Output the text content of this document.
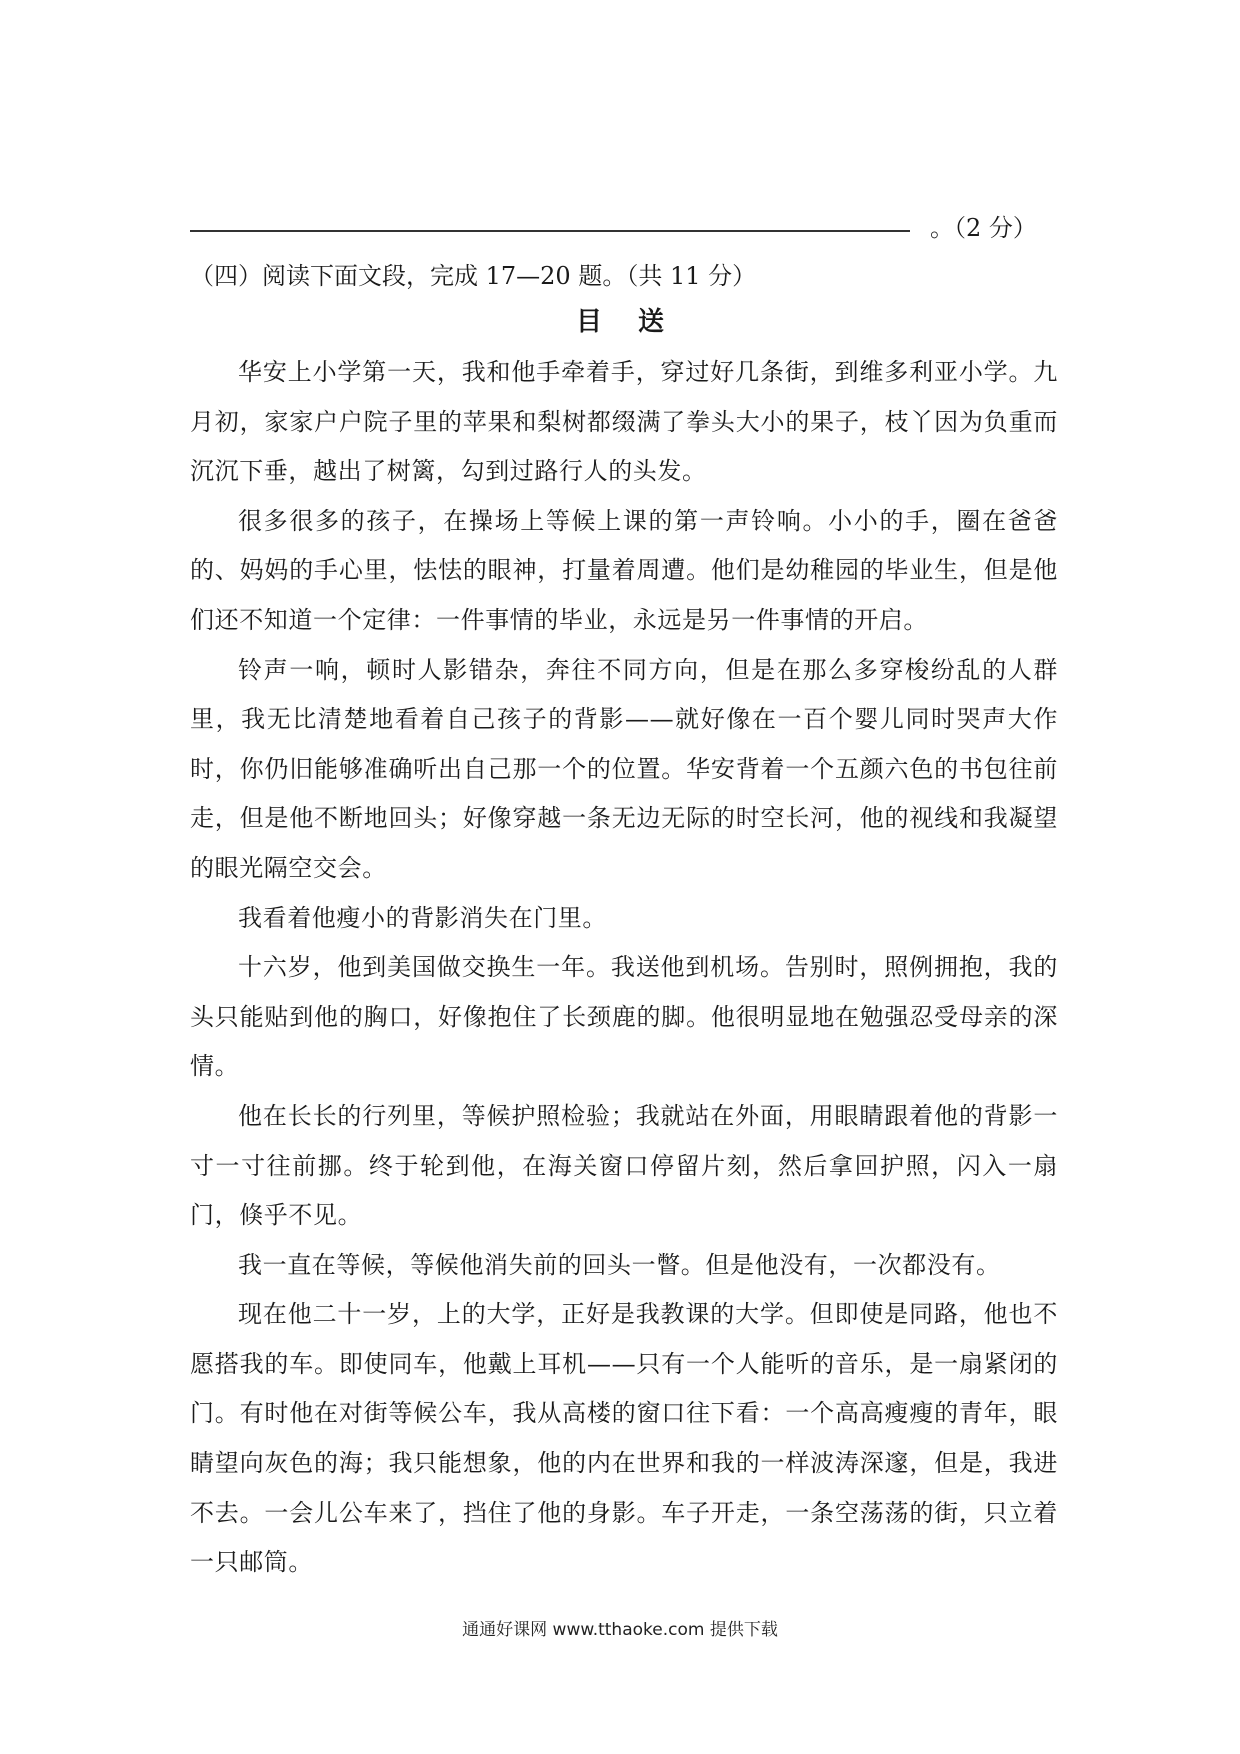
。（2 分）
（四）阅读下面文段，完成 17—20 题。（共 11 分）
目送

华安上小学第一天，我和他手牵着手，穿过好几条街，到维多利亚小学。九月初，家家户户院子里的苹果和梨树都缀满了拳头大小的果子，枝丫因为负重而沉沉下垂，越出了树篱，勾到过路行人的头发。

很多很多的孩子，在操场上等候上课的第一声铃响。小小的手，圈在爸爸的、妈妈的手心里，怯怯的眼神，打量着周遭。他们是幼稚园的毕业生，但是他们还不知道一个定律：一件事情的毕业，永远是另一件事情的开启。

铃声一响，顿时人影错杂，奔往不同方向，但是在那么多穿梭纷乱的人群里，我无比清楚地看着自己孩子的背影——就好像在一百个婴儿同时哭声大作时，你仍旧能够准确听出自己那一个的位置。华安背着一个五颜六色的书包往前走，但是他不断地回头；好像穿越一条无边无际的时空长河，他的视线和我凝望的眼光隔空交会。

我看着他瘦小的背影消失在门里。

十六岁，他到美国做交换生一年。我送他到机场。告别时，照例拥抱，我的头只能贴到他的胸口，好像抱住了长颈鹿的脚。他很明显地在勉强忍受母亲的深情。

他在长长的行列里，等候护照检验；我就站在外面，用眼睛跟着他的背影一寸一寸往前挪。终于轮到他，在海关窗口停留片刻，然后拿回护照，闪入一扇门，倏乎不见。

我一直在等候，等候他消失前的回头一瞥。但是他没有，一次都没有。

现在他二十一岁，上的大学，正好是我教课的大学。但即使是同路，他也不愿搭我的车。即使同车，他戴上耳机——只有一个人能听的音乐，是一扇紧闭的门。有时他在对街等候公车，我从高楼的窗口往下看：一个高高瘦瘦的青年，眼睛望向灰色的海；我只能想象，他的内在世界和我的一样波涛深邃，但是，我进不去。一会儿公车来了，挡住了他的身影。车子开走，一条空荡荡的街，只立着一只邮筒。

通通好课网 www.tthaoke.com 提供下载
